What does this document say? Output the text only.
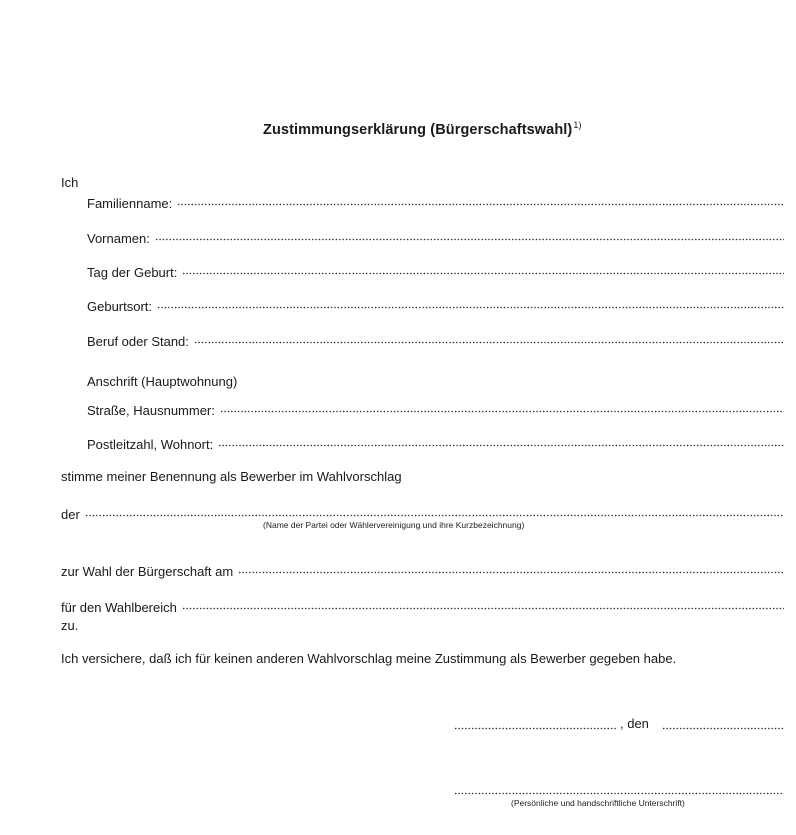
Zustimmungserklärung (Bürgerschaftswahl)$^{1)}$
Ich
Familienname:
Vornamen:
Tag der Geburt:
Geburtsort:
Beruf oder Stand:
Anschrift (Hauptwohnung)
Straße, Hausnummer:
Postleitzahl, Wohnort:
stimme meiner Benennung als Bewerber im Wahlvorschlag
der
(Name der Partei oder Wählervereinigung und ihre Kurzbezeichnung)
zur Wahl der Bürgerschaft am
für den Wahlbereich
zu.
Ich versichere, daß ich für keinen anderen Wahlvorschlag meine Zustimmung als Bewerber gegeben habe.
, den
(Persönliche und handschriftliche Unterschrift)
